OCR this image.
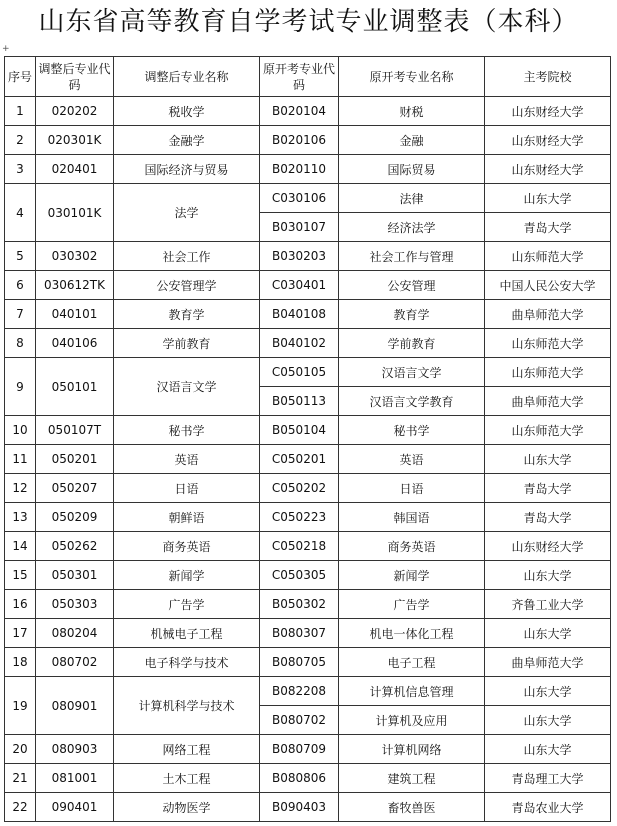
山东省高等教育自学考试专业调整表（本科）
+
序号	调整后专业代码	调整后专业名称	原开考专业代码	原开考专业名称	主考院校
1	020202	税收学	B020104	财税	山东财经大学
2	020301K	金融学	B020106	金融	山东财经大学
3	020401	国际经济与贸易	B020110	国际贸易	山东财经大学
4	030101K	法学	C030106	法律	山东大学
			B030107	经济法学	青岛大学
5	030302	社会工作	B030203	社会工作与管理	山东师范大学
6	030612TK	公安管理学	C030401	公安管理	中国人民公安大学
7	040101	教育学	B040108	教育学	曲阜师范大学
8	040106	学前教育	B040102	学前教育	山东师范大学
9	050101	汉语言文学	C050105	汉语言文学	山东师范大学
			B050113	汉语言文学教育	曲阜师范大学
10	050107T	秘书学	B050104	秘书学	山东师范大学
11	050201	英语	C050201	英语	山东大学
12	050207	日语	C050202	日语	青岛大学
13	050209	朝鲜语	C050223	韩国语	青岛大学
14	050262	商务英语	C050218	商务英语	山东财经大学
15	050301	新闻学	C050305	新闻学	山东大学
16	050303	广告学	B050302	广告学	齐鲁工业大学
17	080204	机械电子工程	B080307	机电一体化工程	山东大学
18	080702	电子科学与技术	B080705	电子工程	曲阜师范大学
19	080901	计算机科学与技术	B082208	计算机信息管理	山东大学
			B080702	计算机及应用	山东大学
20	080903	网络工程	B080709	计算机网络	山东大学
21	081001	土木工程	B080806	建筑工程	青岛理工大学
22	090401	动物医学	B090403	畜牧兽医	青岛农业大学
